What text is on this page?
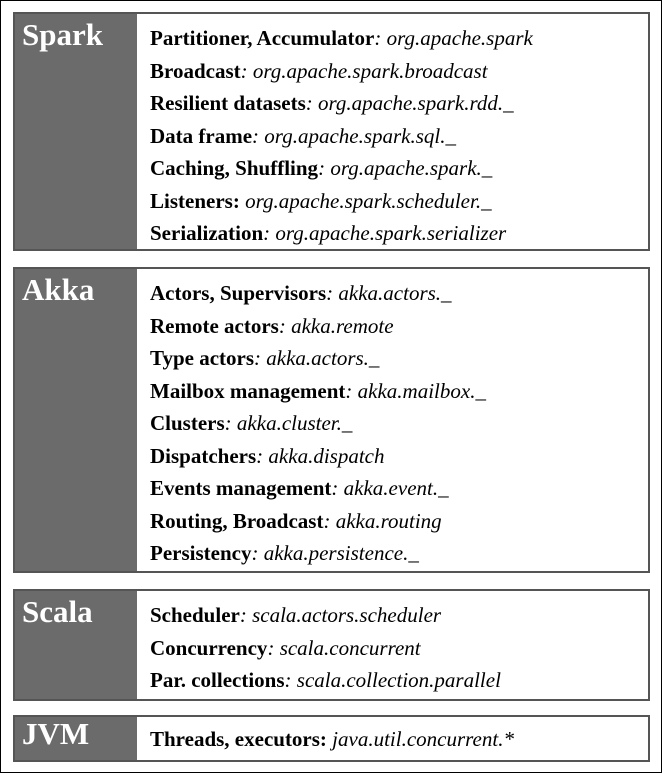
Spark Partitioner, Accumulator: org.apache.spark
Broadcast: org.apache.spark.broadcast
Resilient datasets: org.apache.spark.rdd._
Data frame: org.apache.spark.sql._
Caching, Shuffling: org.apache.spark._
Listeners: org.apache.spark.scheduler._
Serialization: org.apache.spark.serializer
Akka	Actors, Supervisors: akka.actors._
Remote actors: akka.remote
Type actors: akka.actors._
Mailbox management: akka.mailbox._
Clusters: akka.cluster._
Dispatchers: akka.dispatch
Events management: akka.event._
Routing, Broadcast: akka.routing
Persistency: akka.persistence._
Scala	Scheduler: scala.actors.scheduler
Concurrency: scala.concurrent
Par. collections: scala.collection.parallel
JVM	Threads, executors: java.util.concurrent.*
